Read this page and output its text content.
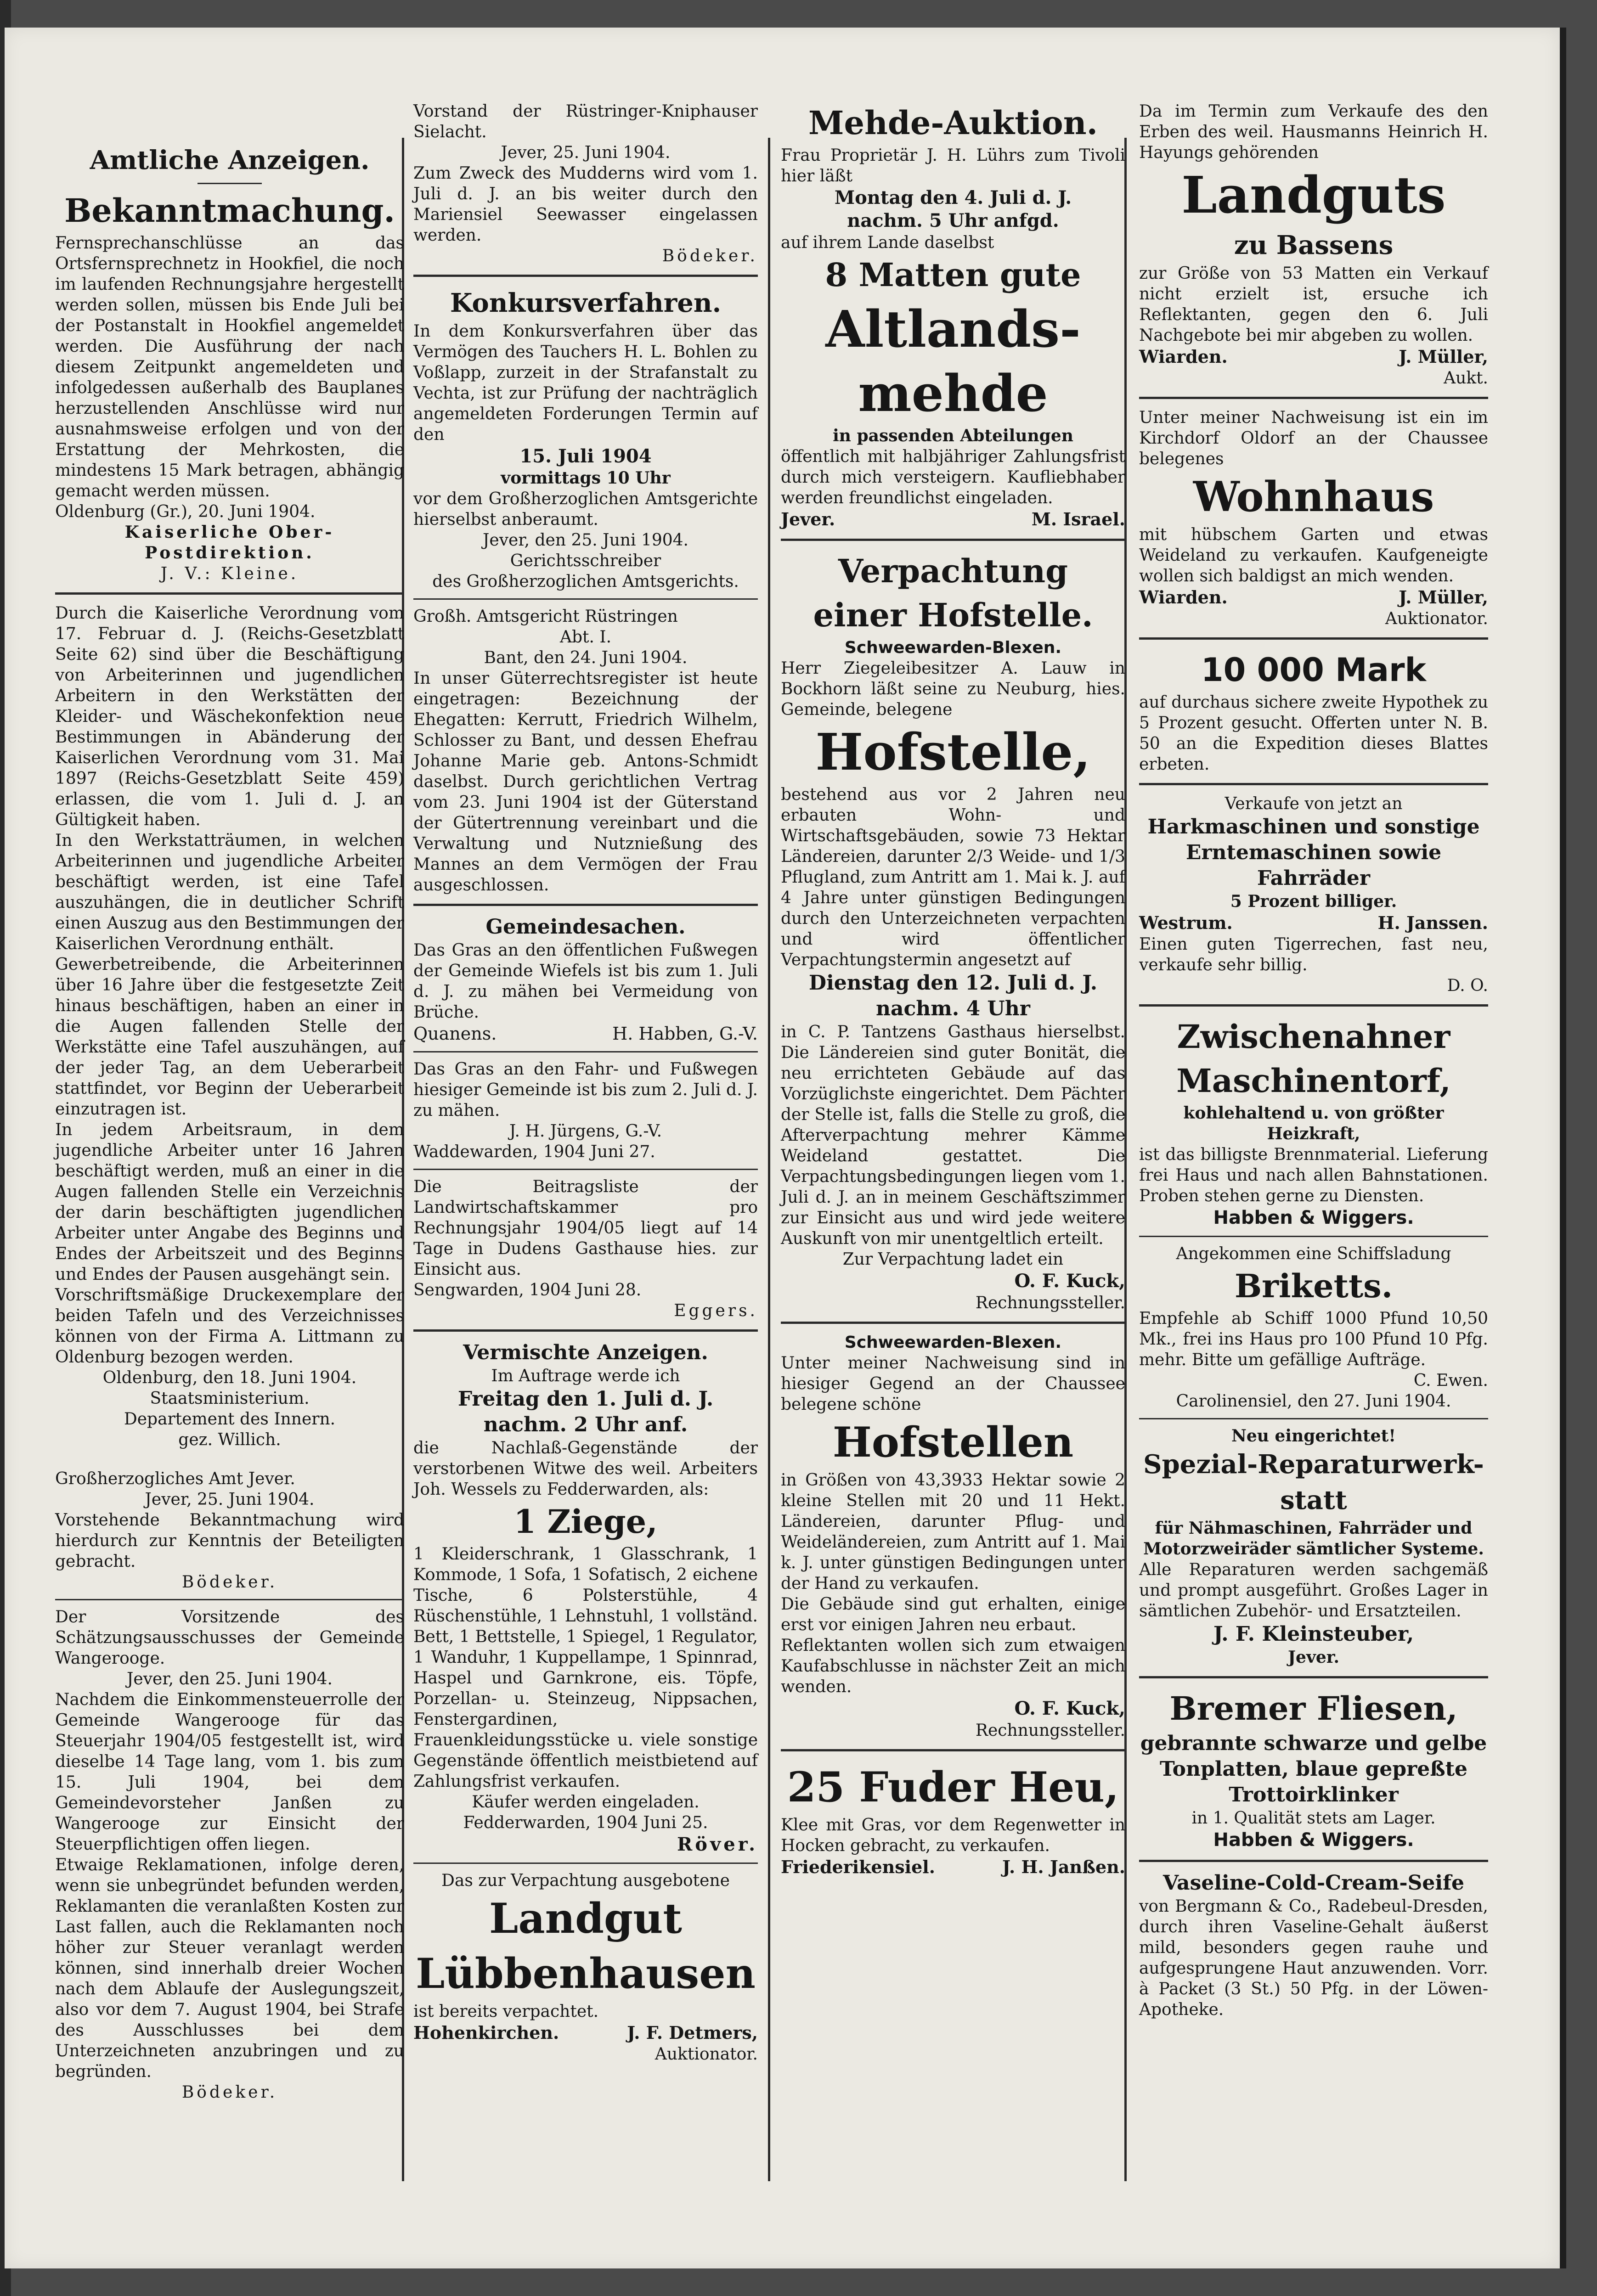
Amtliche Anzeigen.

Bekanntmachung.

Fernsprechanschlüsse an das Ortsfernsprechnetz in Hookfiel, die noch im laufenden Rechnungsjahre hergestellt werden sollen, müssen bis Ende Juli bei der Postanstalt in Hookfiel angemeldet werden. Die Ausführung der nach diesem Zeitpunkt angemeldeten und infolgedessen außerhalb des Bauplanes herzustellenden Anschlüsse wird nur ausnahmsweise erfolgen und von der Erstattung der Mehrkosten, die mindestens 15 Mark betragen, abhängig gemacht werden müssen.

Oldenburg (Gr.), 20. Juni 1904.

Kaiserliche Ober-Postdirektion.

J. V.: Kleine.

Durch die Kaiserliche Verordnung vom 17. Februar d. J. (Reichs-Gesetzblatt Seite 62) sind über die Beschäftigung von Arbeiterinnen und jugendlichen Arbeitern in den Werkstätten der Kleider- und Wäschekonfektion neue Bestimmungen in Abänderung der Kaiserlichen Verordnung vom 31. Mai 1897 (Reichs-Gesetzblatt Seite 459) erlassen, die vom 1. Juli d. J. an Gültigkeit haben.

In den Werkstatträumen, in welchen Arbeiterinnen und jugendliche Arbeiter beschäftigt werden, ist eine Tafel auszuhängen, die in deutlicher Schrift einen Auszug aus den Bestimmungen der Kaiserlichen Verordnung enthält.

Gewerbetreibende, die Arbeiterinnen über 16 Jahre über die festgesetzte Zeit hinaus beschäftigen, haben an einer in die Augen fallenden Stelle der Werkstätte eine Tafel auszuhängen, auf der jeder Tag, an dem Ueberarbeit stattfindet, vor Beginn der Ueberarbeit einzutragen ist.

In jedem Arbeitsraum, in dem jugendliche Arbeiter unter 16 Jahren beschäftigt werden, muß an einer in die Augen fallenden Stelle ein Verzeichnis der darin beschäftigten jugendlichen Arbeiter unter Angabe des Beginns und Endes der Arbeitszeit und des Beginns und Endes der Pausen ausgehängt sein.

Vorschriftsmäßige Druckexemplare der beiden Tafeln und des Verzeichnisses können von der Firma A. Littmann zu Oldenburg bezogen werden.

Oldenburg, den 18. Juni 1904.

Staatsministerium.

Departement des Innern.

gez. Willich.

Großherzogliches Amt Jever.

Jever, 25. Juni 1904.

Vorstehende Bekanntmachung wird hierdurch zur Kenntnis der Beteiligten gebracht.

Bödeker.

Der Vorsitzende des Schätzungsausschusses der Gemeinde Wangerooge.

Jever, den 25. Juni 1904.

Nachdem die Einkommensteuerrolle der Gemeinde Wangerooge für das Steuerjahr 1904/05 festgestellt ist, wird dieselbe 14 Tage lang, vom 1. bis zum 15. Juli 1904, bei dem Gemeindevorsteher Janßen zu Wangerooge zur Einsicht der Steuerpflichtigen offen liegen.

Etwaige Reklamationen, infolge deren, wenn sie unbegründet befunden werden, Reklamanten die veranlaßten Kosten zur Last fallen, auch die Reklamanten noch höher zur Steuer veranlagt werden können, sind innerhalb dreier Wochen nach dem Ablaufe der Auslegungszeit, also vor dem 7. August 1904, bei Strafe des Ausschlusses bei dem Unterzeichneten anzubringen und zu begründen.

Bödeker.

Vorstand der Rüstringer-Kniphauser Sielacht.

Jever, 25. Juni 1904.

Zum Zweck des Mudderns wird vom 1. Juli d. J. an bis weiter durch den Mariensiel Seewasser eingelassen werden.

Bödeker.

Konkursverfahren.

In dem Konkursverfahren über das Vermögen des Tauchers H. L. Bohlen zu Voßlapp, zurzeit in der Strafanstalt zu Vechta, ist zur Prüfung der nachträglich angemeldeten Forderungen Termin auf den

15. Juli 1904

vormittags 10 Uhr

vor dem Großherzoglichen Amtsgerichte hierselbst anberaumt.

Jever, den 25. Juni 1904.

Gerichtsschreiber

des Großherzoglichen Amtsgerichts.

Großh. Amtsgericht Rüstringen

Abt. I.

Bant, den 24. Juni 1904.

In unser Güterrechtsregister ist heute eingetragen: Bezeichnung der Ehegatten: Kerrutt, Friedrich Wilhelm, Schlosser zu Bant, und dessen Ehefrau Johanne Marie geb. Antons-Schmidt daselbst. Durch gerichtlichen Vertrag vom 23. Juni 1904 ist der Güterstand der Gütertrennung vereinbart und die Verwaltung und Nutznießung des Mannes an dem Vermögen der Frau ausgeschlossen.

Gemeindesachen.

Das Gras an den öffentlichen Fußwegen der Gemeinde Wiefels ist bis zum 1. Juli d. J. zu mähen bei Vermeidung von Brüche.

Quanens.	H. Habben, G.-V.

Das Gras an den Fahr- und Fußwegen hiesiger Gemeinde ist bis zum 2. Juli d. J. zu mähen.

J. H. Jürgens, G.-V.

Waddewarden, 1904 Juni 27.

Die Beitragsliste der Landwirtschaftskammer pro Rechnungsjahr 1904/05 liegt auf 14 Tage in Dudens Gasthause hies. zur Einsicht aus.

Sengwarden, 1904 Juni 28.

Eggers.

Vermischte Anzeigen.

Im Auftrage werde ich

Freitag den 1. Juli d. J.

nachm. 2 Uhr anf.

die Nachlaß-Gegenstände der verstorbenen Witwe des weil. Arbeiters Joh. Wessels zu Fedderwarden, als:

1 Ziege,

1 Kleiderschrank, 1 Glasschrank, 1 Kommode, 1 Sofa, 1 Sofatisch, 2 eichene Tische, 6 Polsterstühle, 4 Rüschenstühle, 1 Lehnstuhl, 1 vollständ. Bett, 1 Bettstelle, 1 Spiegel, 1 Regulator, 1 Wanduhr, 1 Kuppellampe, 1 Spinnrad, Haspel und Garnkrone, eis. Töpfe, Porzellan- u. Steinzeug, Nippsachen, Fenstergardinen, Frauenkleidungsstücke u. viele sonstige Gegenstände öffentlich meistbietend auf Zahlungsfrist verkaufen.

Käufer werden eingeladen.

Fedderwarden, 1904 Juni 25.

Röver.

Das zur Verpachtung ausgebotene

Landgut

Lübbenhausen

ist bereits verpachtet.

Hohenkirchen.	J. F. Detmers,

Auktionator.

Mehde-Auktion.

Frau Proprietär J. H. Lührs zum Tivoli hier läßt

Montag den 4. Juli d. J.

nachm. 5 Uhr anfgd.

auf ihrem Lande daselbst

8 Matten gute

Altlands-

mehde

in passenden Abteilungen

öffentlich mit halbjähriger Zahlungsfrist durch mich versteigern. Kaufliebhaber werden freundlichst eingeladen.

Jever.	M. Israel.

Verpachtung

einer Hofstelle.

Schweewarden-Blexen.

Herr Ziegeleibesitzer A. Lauw in Bockhorn läßt seine zu Neuburg, hies. Gemeinde, belegene

Hofstelle,

bestehend aus vor 2 Jahren neu erbauten Wohn- und Wirtschaftsgebäuden, sowie 73 Hektar Ländereien, darunter 2/3 Weide- und 1/3 Pflugland, zum Antritt am 1. Mai k. J. auf 4 Jahre unter günstigen Bedingungen durch den Unterzeichneten verpachten und wird öffentlicher Verpachtungstermin angesetzt auf

Dienstag den 12. Juli d. J.

nachm. 4 Uhr

in C. P. Tantzens Gasthaus hierselbst. Die Ländereien sind guter Bonität, die neu errichteten Gebäude auf das Vorzüglichste eingerichtet. Dem Pächter der Stelle ist, falls die Stelle zu groß, die Afterverpachtung mehrer Kämme Weideland gestattet. Die Verpachtungsbedingungen liegen vom 1. Juli d. J. an in meinem Geschäftszimmer zur Einsicht aus und wird jede weitere Auskunft von mir unentgeltlich erteilt.

Zur Verpachtung ladet ein

O. F. Kuck,

Rechnungssteller.

Schweewarden-Blexen.

Unter meiner Nachweisung sind in hiesiger Gegend an der Chaussee belegene schöne

Hofstellen

in Größen von 43,3933 Hektar sowie 2 kleine Stellen mit 20 und 11 Hekt. Ländereien, darunter Pflug- und Weideländereien, zum Antritt auf 1. Mai k. J. unter günstigen Bedingungen unter der Hand zu verkaufen.

Die Gebäude sind gut erhalten, einige erst vor einigen Jahren neu erbaut.

Reflektanten wollen sich zum etwaigen Kaufabschlusse in nächster Zeit an mich wenden.

O. F. Kuck,

Rechnungssteller.

25 Fuder Heu,

Klee mit Gras, vor dem Regenwetter in Hocken gebracht, zu verkaufen.

Friederikensiel.	J. H. Janßen.

Da im Termin zum Verkaufe des den Erben des weil. Hausmanns Heinrich H. Hayungs gehörenden

Landguts

zu Bassens

zur Größe von 53 Matten ein Verkauf nicht erzielt ist, ersuche ich Reflektanten, gegen den 6. Juli Nachgebote bei mir abgeben zu wollen.

Wiarden.	J. Müller,

Aukt.

Unter meiner Nachweisung ist ein im Kirchdorf Oldorf an der Chaussee belegenes

Wohnhaus

mit hübschem Garten und etwas Weideland zu verkaufen. Kaufgeneigte wollen sich baldigst an mich wenden.

Wiarden.	J. Müller,

Auktionator.

10 000 Mark

auf durchaus sichere zweite Hypothek zu 5 Prozent gesucht. Offerten unter N. B. 50 an die Expedition dieses Blattes erbeten.

Verkaufe von jetzt an

Harkmaschinen und sonstige

Erntemaschinen sowie Fahrräder

5 Prozent billiger.

Westrum.	H. Janssen.

Einen guten Tigerrechen, fast neu, verkaufe sehr billig.

D. O.

Zwischenahner

Maschinentorf,

kohlehaltend u. von größter Heizkraft,

ist das billigste Brennmaterial. Lieferung frei Haus und nach allen Bahnstationen. Proben stehen gerne zu Diensten.

Habben & Wiggers.

Angekommen eine Schiffsladung

Briketts.

Empfehle ab Schiff 1000 Pfund 10,50 Mk., frei ins Haus pro 100 Pfund 10 Pfg. mehr. Bitte um gefällige Aufträge.

C. Ewen.

Carolinensiel, den 27. Juni 1904.

Neu eingerichtet!

Spezial-Reparaturwerk-

statt

für Nähmaschinen, Fahrräder und Motorzweiräder sämtlicher Systeme.

Alle Reparaturen werden sachgemäß und prompt ausgeführt. Großes Lager in sämtlichen Zubehör- und Ersatzteilen.

J. F. Kleinsteuber,

Jever.

Bremer Fliesen,

gebrannte schwarze und gelbe

Tonplatten, blaue gepreßte

Trottoirklinker

in 1. Qualität stets am Lager.

Habben & Wiggers.

Vaseline-Cold-Cream-Seife

von Bergmann & Co., Radebeul-Dresden, durch ihren Vaseline-Gehalt äußerst mild, besonders gegen rauhe und aufgesprungene Haut anzuwenden. Vorr. à Packet (3 St.) 50 Pfg. in der Löwen-Apotheke.
